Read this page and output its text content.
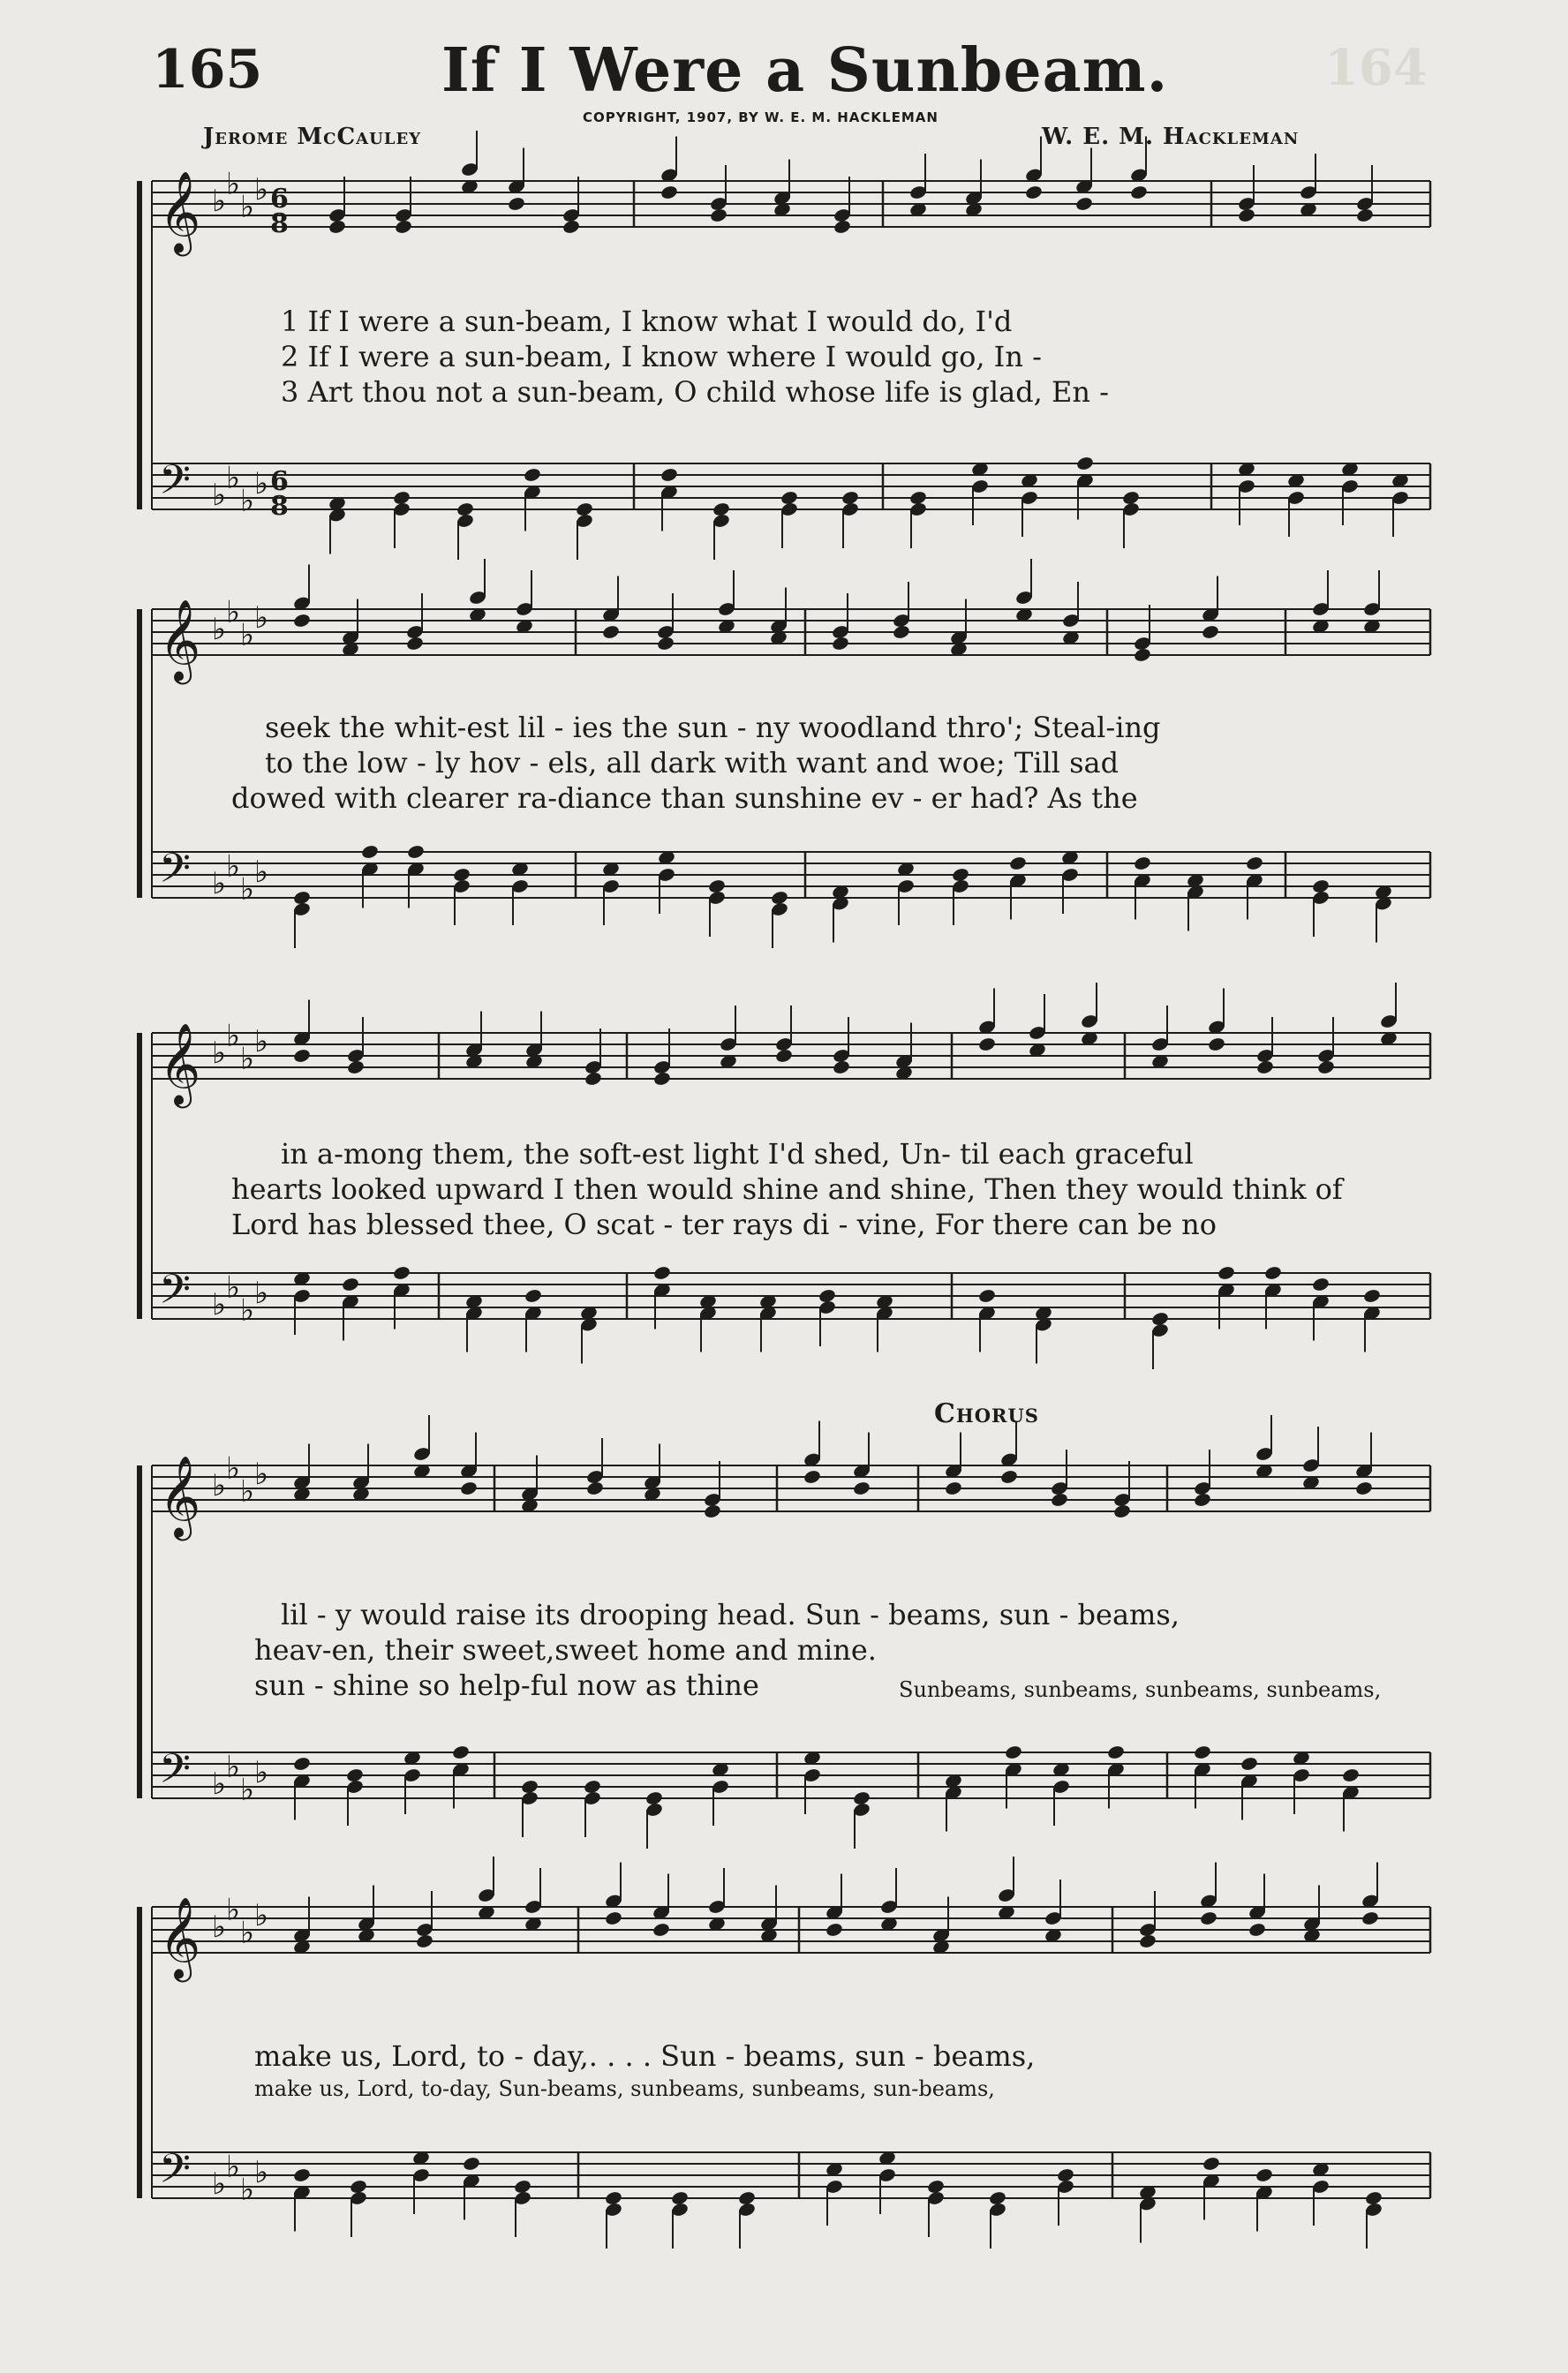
165	If I Were a Sunbeam.	164
Jerome McCauley
COPYRIGHT, 1907, BY W. E. M. HACKLEMAN
W. E. M. Hackleman
𝄞
𝄢
♭ ♭
♭ ♭
♭ ♭
♭ ♭
6
8
6
8
𝄞
𝄢
♭ ♭
♭ ♭
♭ ♭
♭ ♭
𝄞
𝄢
♭ ♭
♭ ♭
♭ ♭
♭ ♭
𝄞
𝄢
♭ ♭
♭ ♭
♭ ♭
♭ ♭
𝄞
𝄢
♭ ♭
♭ ♭
♭ ♭
♭ ♭
1 If I were a sun-beam, I know what I would do, I'd
2 If I were a sun-beam, I know where I would go, In -
3 Art thou not a sun-beam, O child whose life is glad, En -
seek the whit-est lil - ies the sun - ny woodland thro'; Steal-ing
to the low - ly hov - els, all dark with want and woe; Till sad
dowed with clearer ra-diance than sunshine ev - er had? As the
in a-mong them, the soft-est light I'd shed, Un- til each graceful
hearts looked upward I then would shine and shine, Then they would think of
Lord has blessed thee, O scat - ter rays di - vine, For there can be no
Chorus
lil - y would raise its drooping head. Sun - beams, sun - beams,
heav-en, their sweet,sweet home and mine.
sun - shine so help-ful now as thine	Sunbeams, sunbeams, sunbeams, sunbeams,
make us, Lord, to - day,. . . . Sun - beams, sun - beams,
make us, Lord, to-day, Sun-beams, sunbeams, sunbeams, sun-beams,
